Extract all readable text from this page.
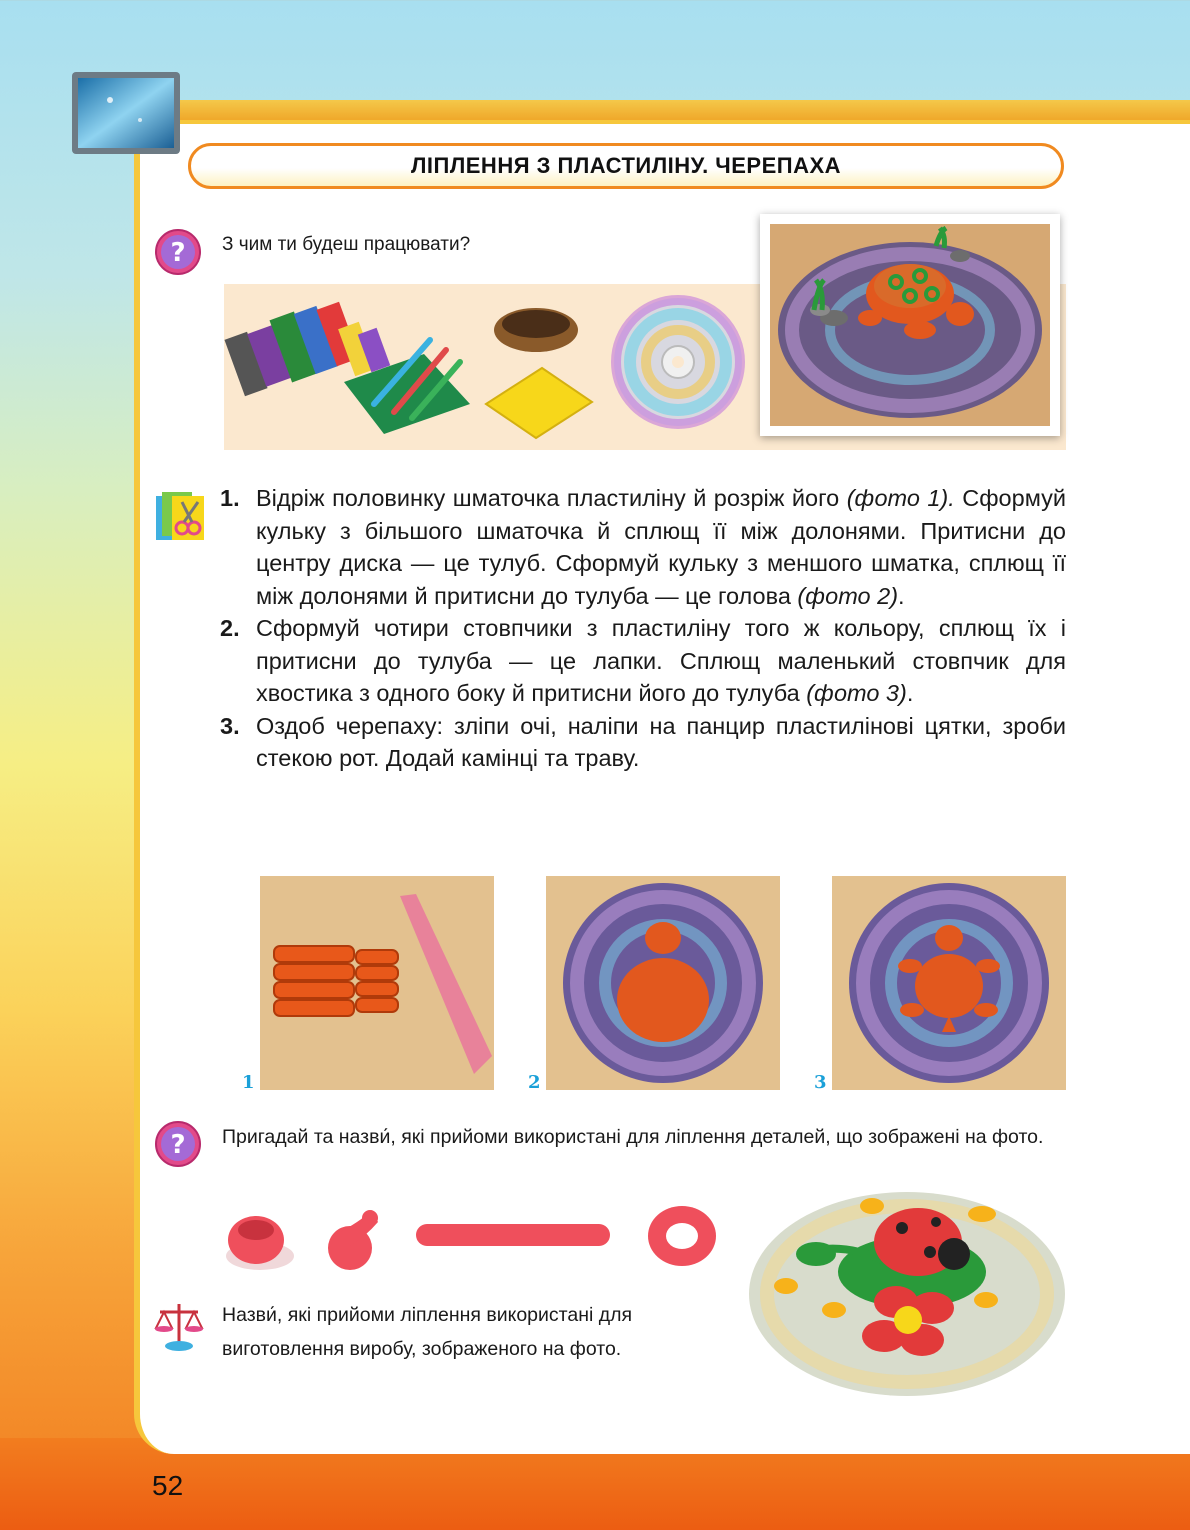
ЛІПЛЕННЯ З ПЛАСТИЛІНУ. ЧЕРЕПАХА
? З чим ти будеш працювати?
1. Відріж половинку шматочка пластиліну й розріж його (фото 1). Сформуй кульку з більшого шматочка й сплющ її між долонями. Притисни до центру диска — це тулуб. Сформуй кульку з меншого шматка, сплющ її між долонями й притисни до тулуба — це голова (фото 2).
2. Сформуй чотири стовпчики з пластиліну того ж кольору, сплющ їх і притисни до тулуба — це лапки. Сплющ маленький стовпчик для хвостика з одного боку й притисни його до тулуба (фото 3).
3. Оздоб черепаху: зліпи очі, наліпи на панцир пластилінові цятки, зроби стекою рот. Додай камінці та траву.
1	2	3
? Пригадай та назви́, які прийоми використані для ліплення деталей, що зображені на фото.
Назви́, які прийоми ліплення використані для виготовлення виробу, зображеного на фото.
52
